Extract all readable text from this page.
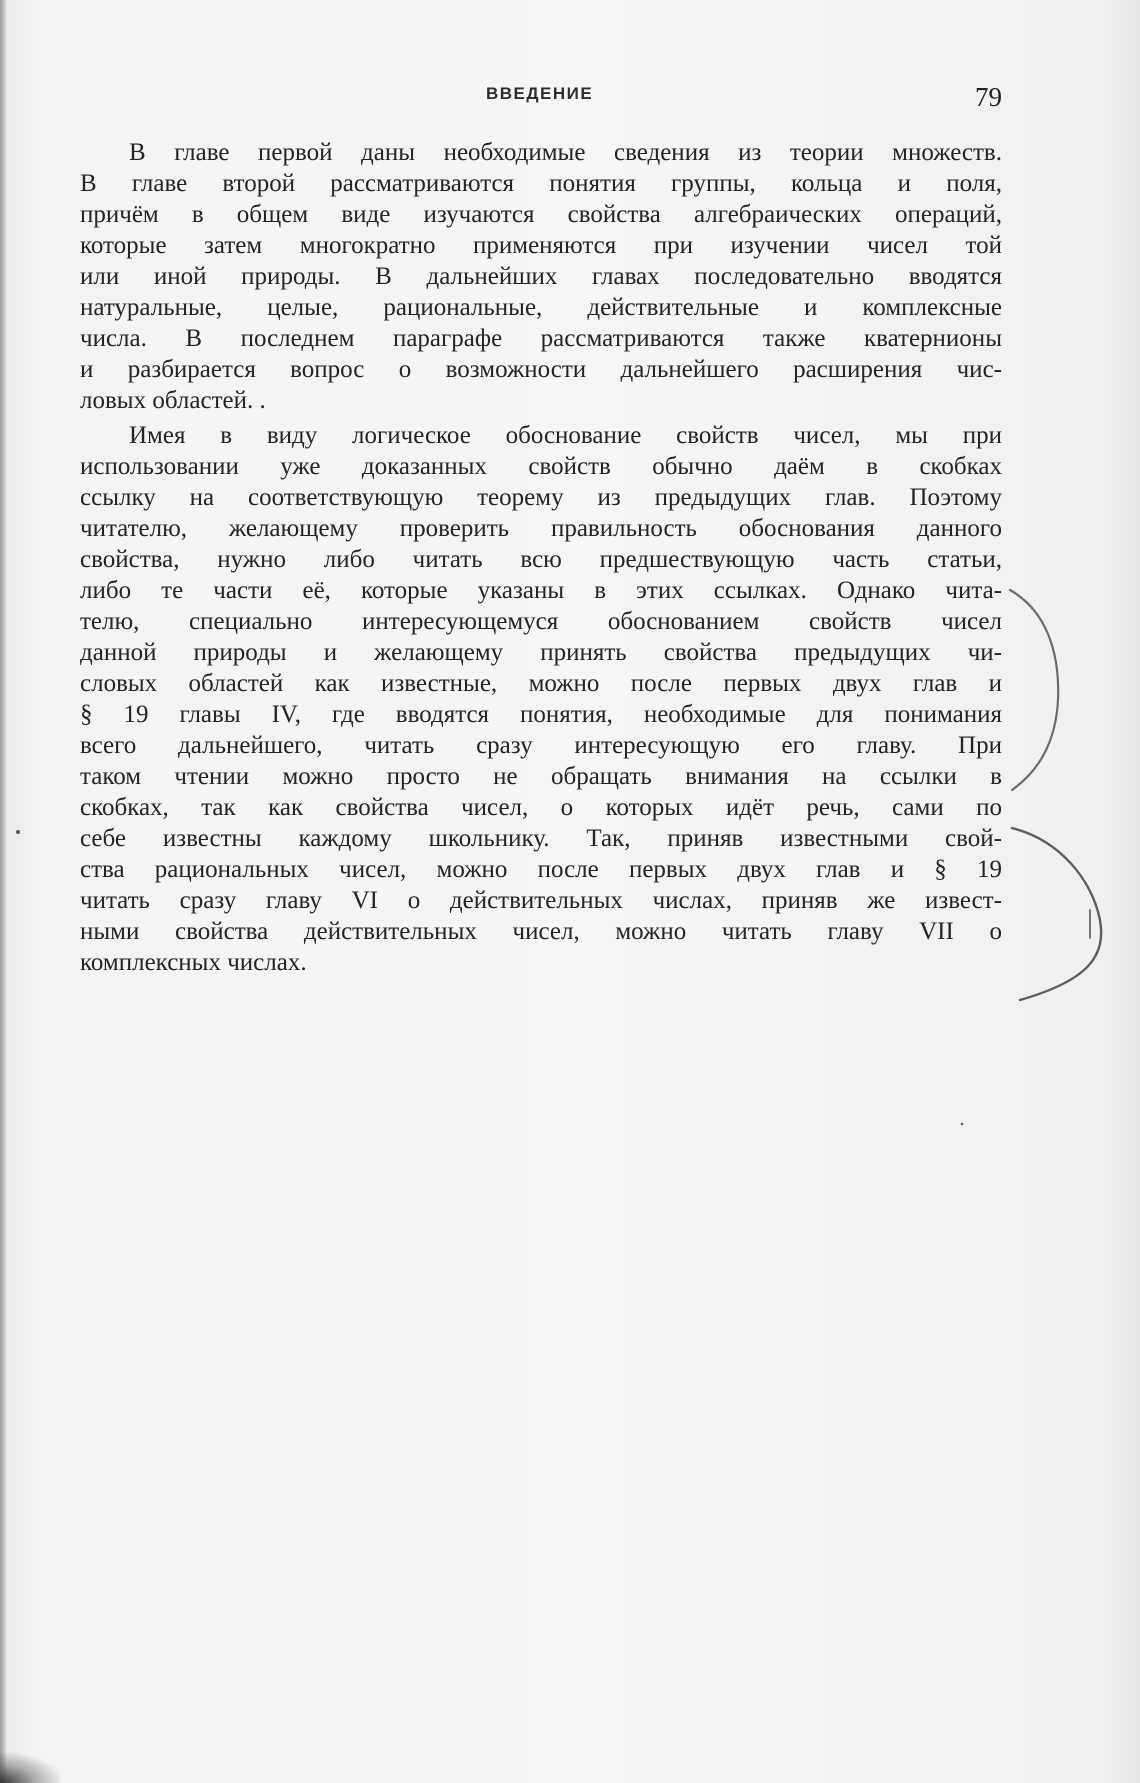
ВВЕДЕНИЕ	79
В главе первой даны необходимые сведения из теории множеств.
В главе второй рассматриваются понятия группы, кольца и поля,
причём в общем виде изучаются свойства алгебраических операций,
которые затем многократно применяются при изучении чисел той
или иной природы. В дальнейших главах последовательно вводятся
натуральные, целые, рациональные, действительные и комплексные
числа. В последнем параграфе рассматриваются также кватернионы
и разбирается вопрос о возможности дальнейшего расширения чис-
ловых областей. .
Имея в виду логическое обоснование свойств чисел, мы при
использовании уже доказанных свойств обычно даём в скобках
ссылку на соответствующую теорему из предыдущих глав. Поэтому
читателю, желающему проверить правильность обоснования данного
свойства, нужно либо читать всю предшествующую часть статьи,
либо те части её, которые указаны в этих ссылках. Однако чита-
телю, специально интересующемуся обоснованием свойств чисел
данной природы и желающему принять свойства предыдущих чи-
словых областей как известные, можно после первых двух глав и
§ 19 главы IV, где вводятся понятия, необходимые для понимания
всего дальнейшего, читать сразу интересующую его главу. При
таком чтении можно просто не обращать внимания на ссылки в
скобках, так как свойства чисел, о которых идёт речь, сами по
себе известны каждому школьнику. Так, приняв известными свой-
ства рациональных чисел, можно после первых двух глав и § 19
читать сразу главу VI о действительных числах, приняв же извест-
ными свойства действительных чисел, можно читать главу VII о
комплексных числах.
